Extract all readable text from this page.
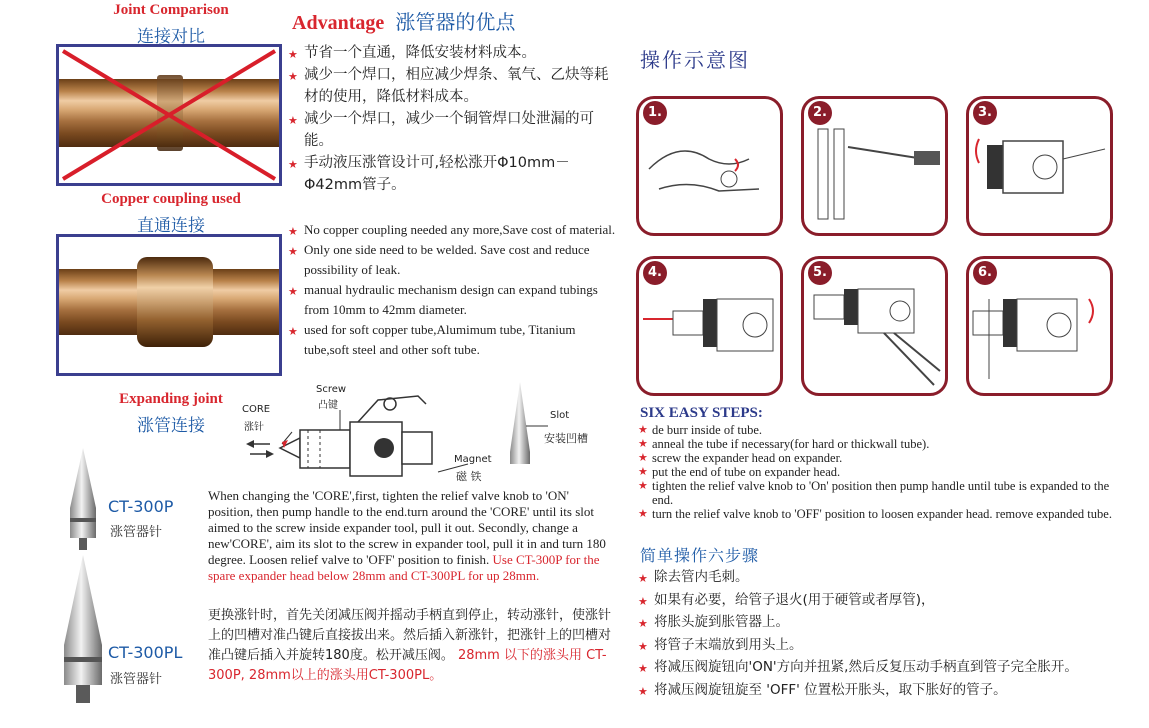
Joint Comparison
连接对比
Copper coupling used
直通连接
Expanding joint
涨管连接
CT-300P
涨管器针
CT-300PL
涨管器针
Advantage 涨管器的优点
★ 节省一个直通，降低安装材料成本。
★ 减少一个焊口，相应减少焊条、氧气、乙炔等耗材的使用，降低材料成本。
★ 减少一个焊口，减少一个铜管焊口处泄漏的可能。
★ 手动液压涨管设计可,轻松涨开Φ10mm－Φ42mm管子。
★ No copper coupling needed any more,Save cost of material.
★ Only one side need to be welded. Save cost and reduce possibility of leak.
★ manual hydraulic mechanism design can expand tubings from 10mm to 42mm diameter.
★ used for soft copper tube,Alumimum tube, Titanium tube,soft steel and other soft tube.
CORE
涨针
Screw
凸键
Magnet
磁 铁
Slot
安装凹槽
When changing the 'CORE',first, tighten the relief valve knob to 'ON' position, then pump handle to the end.turn around the 'CORE' until its slot aimed to the screw inside expander tool, pull it out. Secondly, change a new'CORE', aim its slot to the screw in expander tool, pull it in and turn 180 degree. Loosen relief valve to 'OFF' position to finish. Use CT-300P for the spare expander head below 28mm and CT-300PL for up 28mm.
更换涨针时，首先关闭减压阀并摇动手柄直到停止，转动涨针，使涨针上的凹槽对准凸键后直接拔出来。然后插入新涨针，把涨针上的凹槽对准凸键后插入并旋转180度。松开减压阀。 28mm 以下的涨头用 CT-300P, 28mm以上的涨头用CT-300PL。
操作示意图
1.	2.	3.
4.	5.	6.
SIX EASY STEPS:
★ de burr inside of tube.
★ anneal the tube if necessary(for hard or thickwall tube).
★ screw the expander head on expander.
★ put the end of tube on expander head.
★ tighten the relief valve knob to 'On' position then pump handle until tube is expanded to the end.
★ turn the relief valve knob to 'OFF' position to loosen expander head. remove expanded tube.
简单操作六步骤
★ 除去管内毛刺。
★ 如果有必要，给管子退火(用于硬管或者厚管)，
★ 将胀头旋到胀管器上。
★ 将管子末端放到用头上。
★ 将减压阀旋钮向'ON'方向并扭紧,然后反复压动手柄直到管子完全胀开。
★ 将减压阀旋钮旋至 'OFF' 位置松开胀头，取下胀好的管子。
